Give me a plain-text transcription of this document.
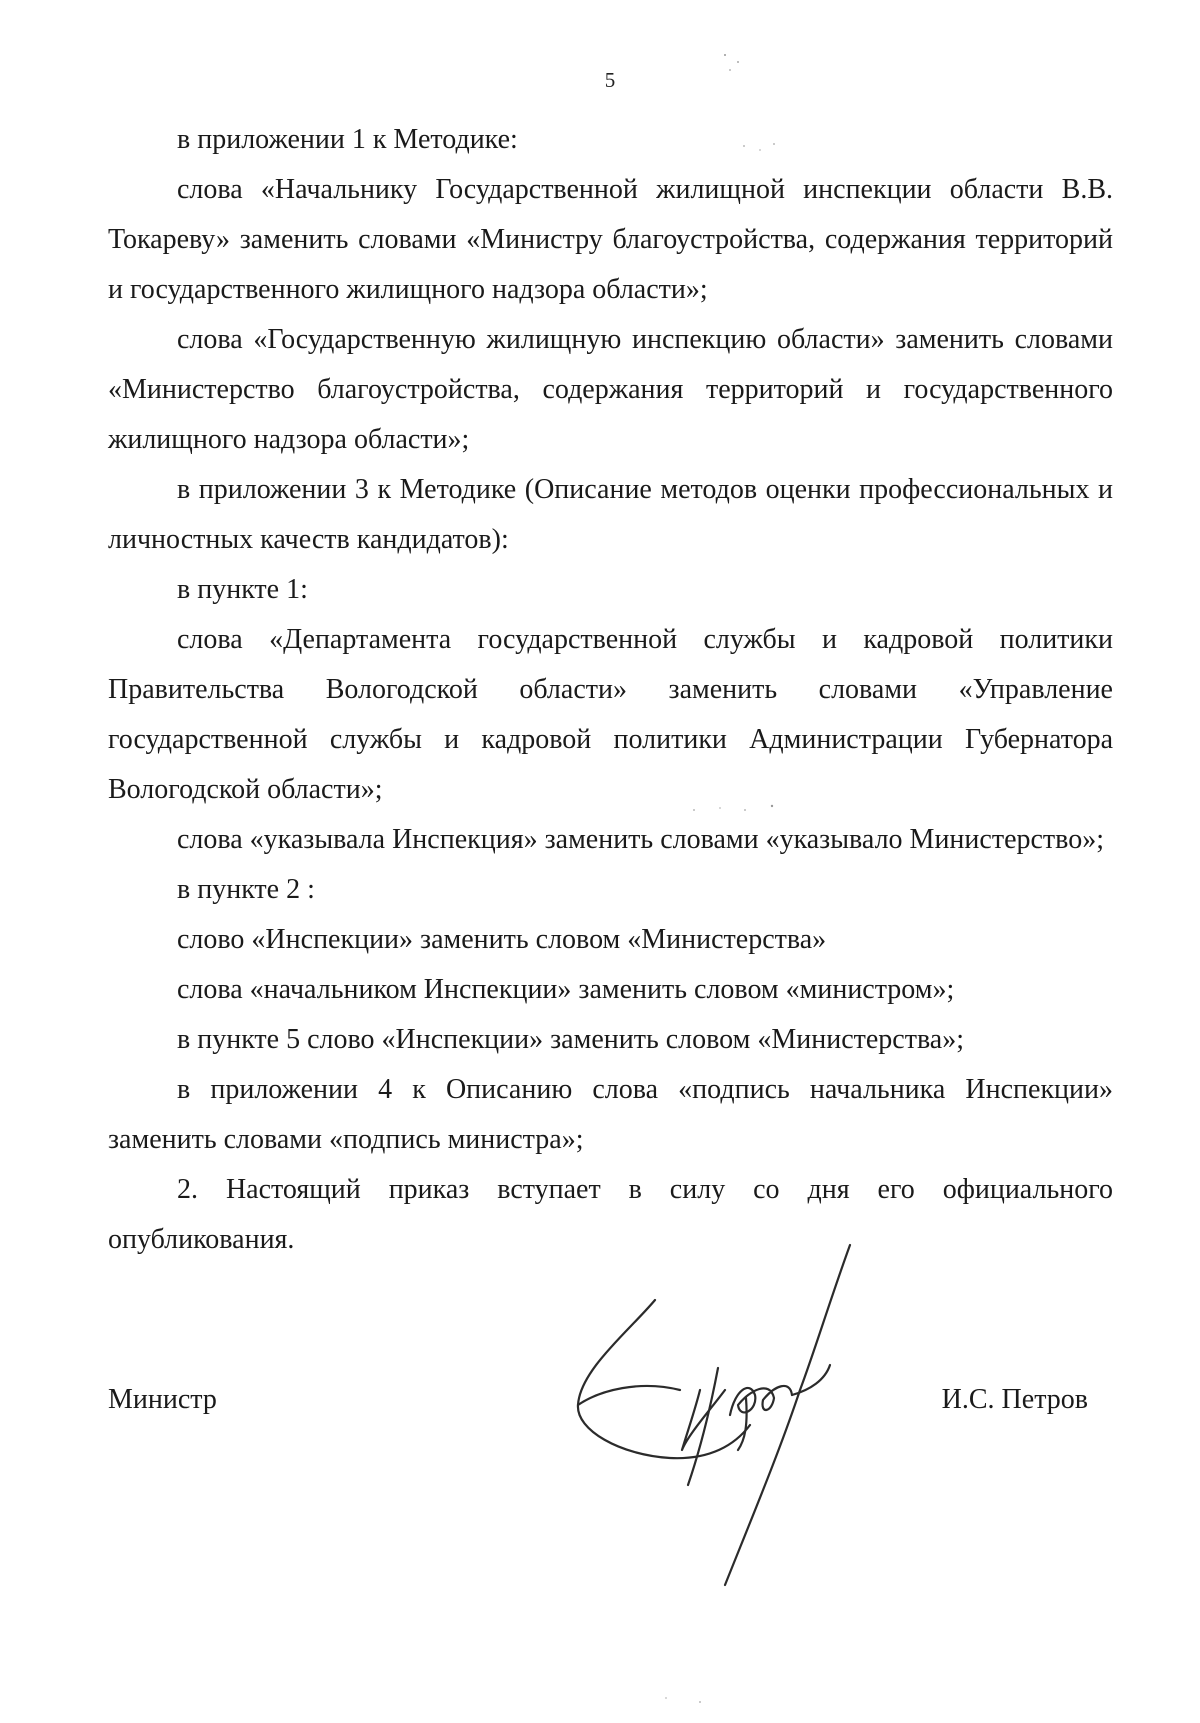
5

в приложении 1 к Методике:

слова «Начальнику Государственной жилищной инспекции области В.В. Токареву» заменить словами «Министру благоустройства, содержания территорий и государственного жилищного надзора области»;

слова «Государственную жилищную инспекцию области» заменить словами «Министерство благоустройства, содержания территорий и государственного жилищного надзора области»;

в приложении 3 к Методике (Описание методов оценки профессиональных и личностных качеств кандидатов):

в пункте 1:

слова «Департамента государственной службы и кадровой политики Правительства Вологодской области» заменить словами «Управление государственной службы и кадровой политики Администрации Губернатора Вологодской области»;

слова «указывала Инспекция» заменить словами «указывало Министерство»;

в пункте 2 :

слово «Инспекции» заменить словом «Министерства»

слова «начальником Инспекции» заменить словом «министром»;

в пункте 5 слово «Инспекции» заменить словом «Министерства»;

в приложении 4 к Описанию слова «подпись начальника Инспекции» заменить словами «подпись министра»;

2. Настоящий приказ вступает в силу со дня его официального опубликования.

Министр	И.С. Петров
